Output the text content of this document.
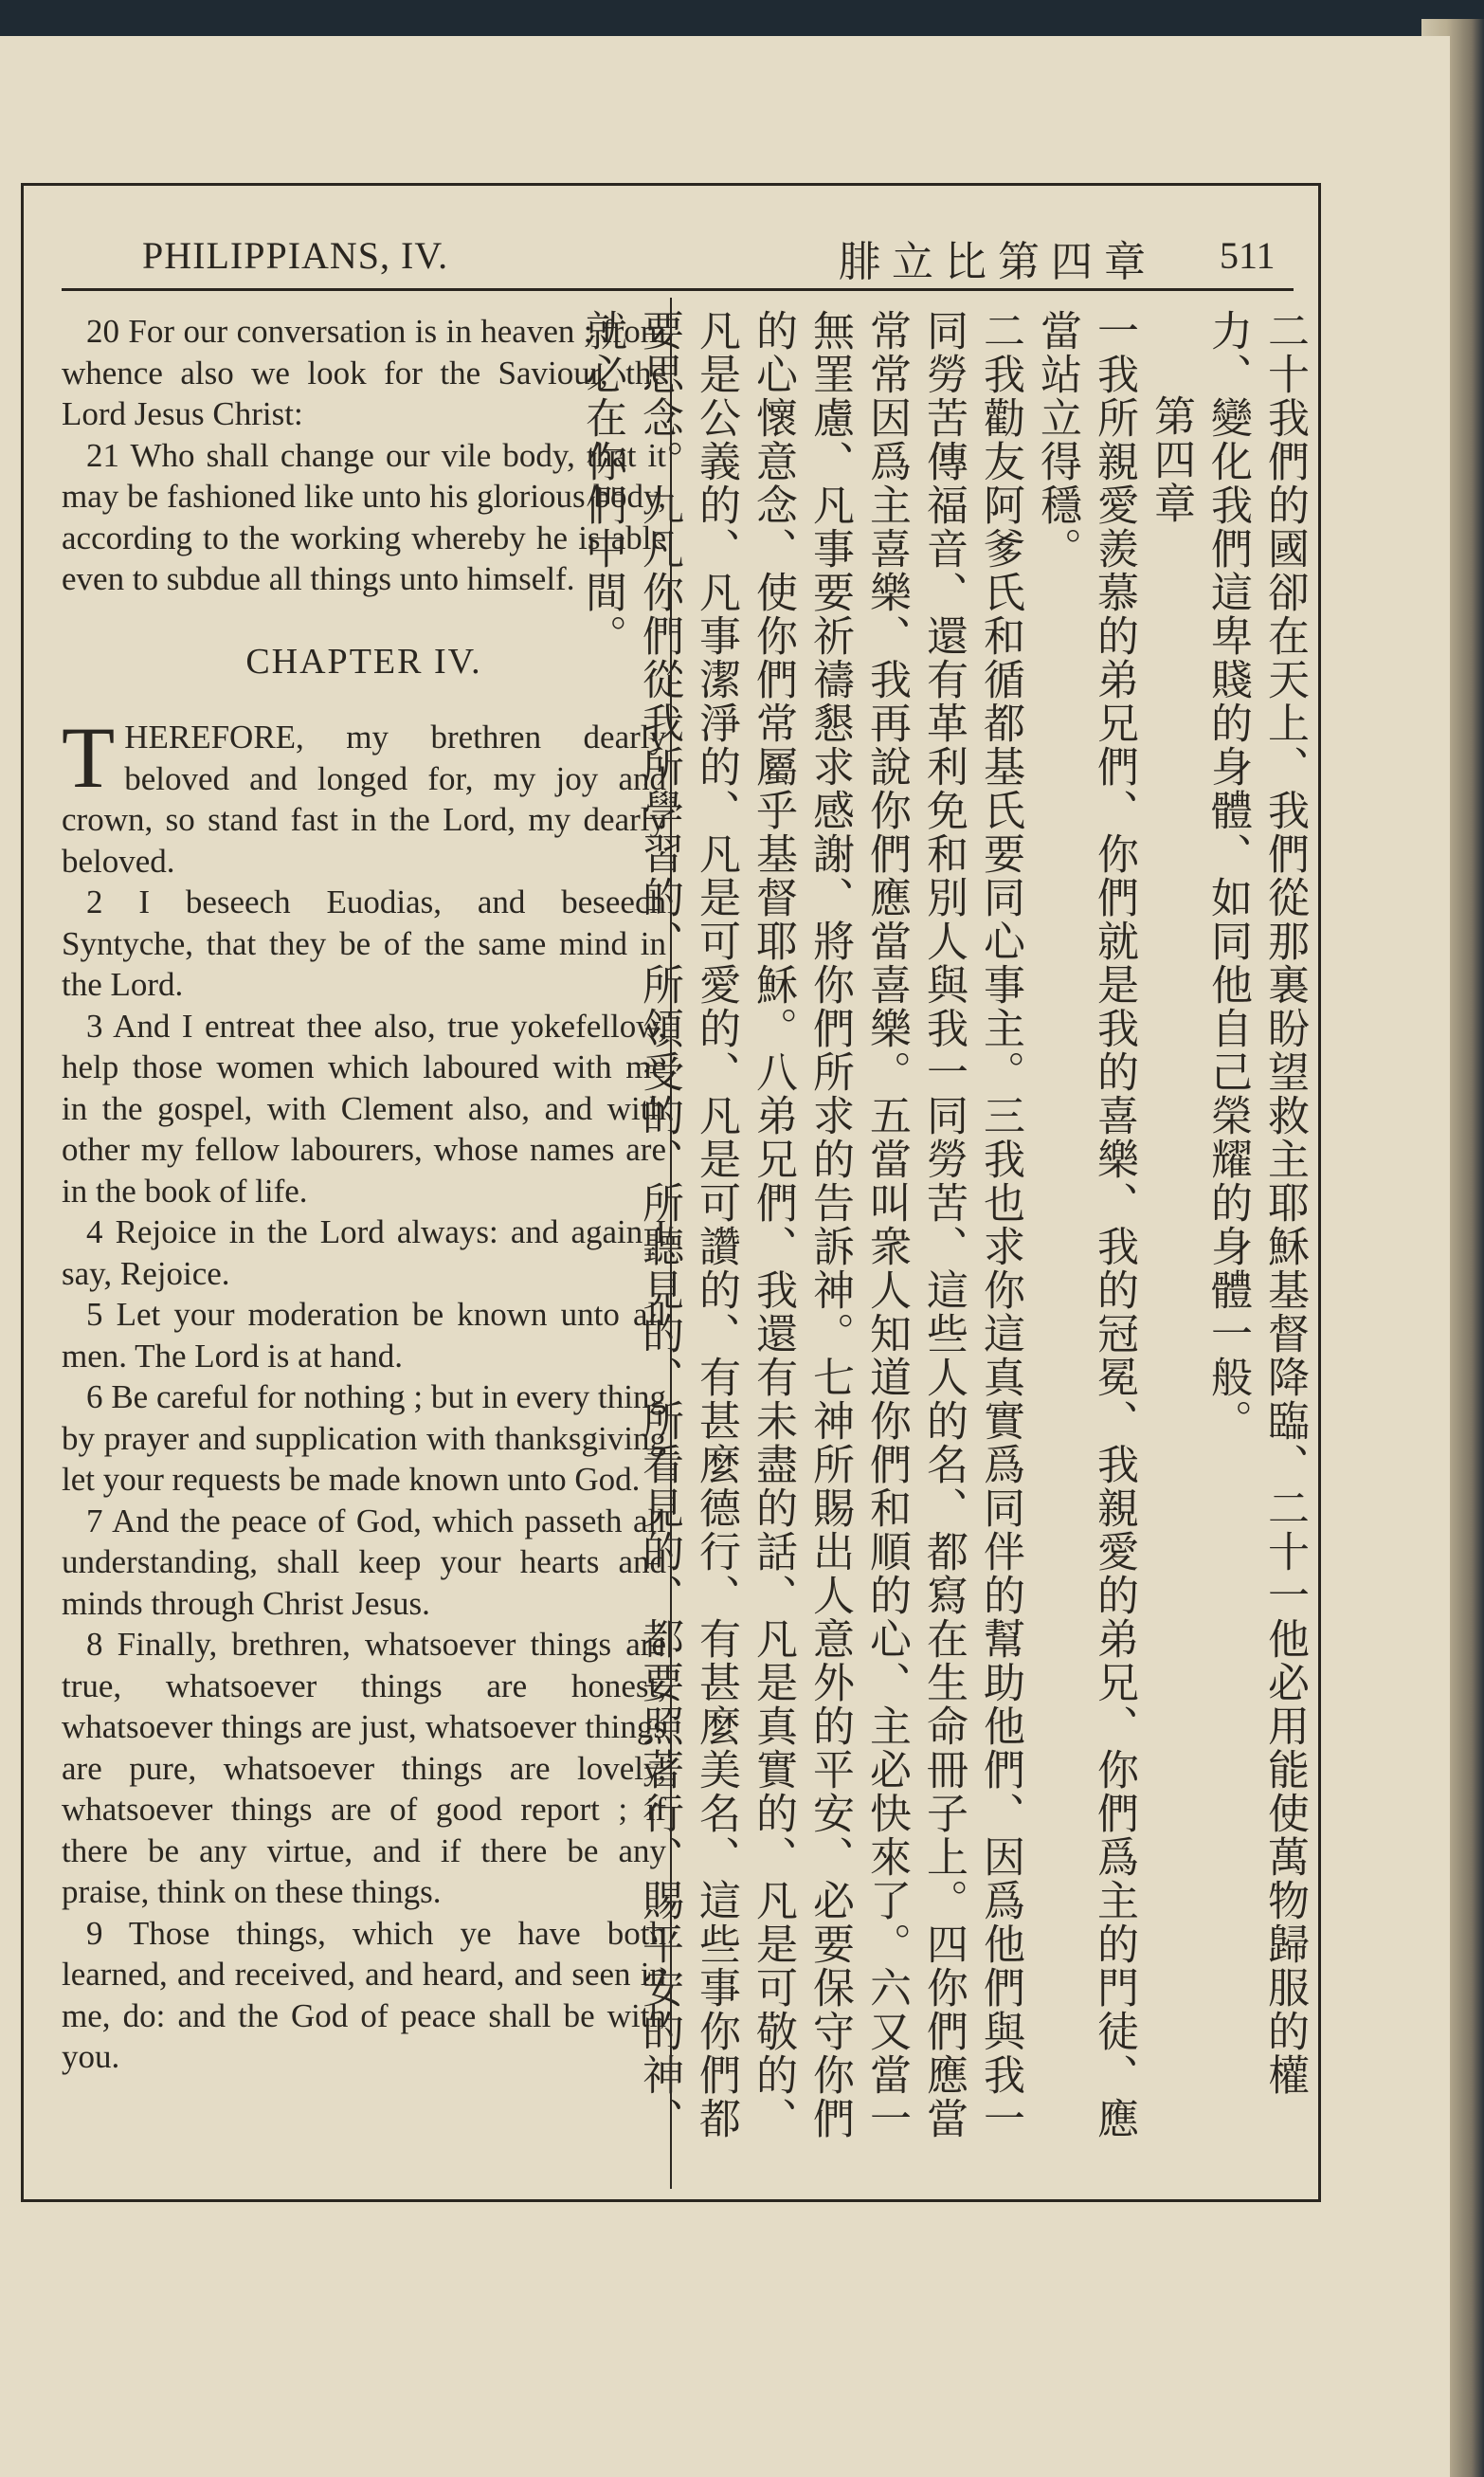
PHILIPPIANS, IV.	腓立比第四章 511

20 For our conversation is in heaven ; from whence also we look for the Saviour, the Lord Jesus Christ:

21 Who shall change our vile body, that it may be fashioned like unto his glorious body, according to the working whereby he is able even to subdue all things unto himself.

CHAPTER IV.

THEREFORE, my brethren dearly beloved and longed for, my joy and crown, so stand fast in the Lord, my dearly beloved.

2 I beseech Euodias, and beseech Syntyche, that they be of the same mind in the Lord.

3 And I entreat thee also, true yokefellow, help those women which laboured with me in the gospel, with Clement also, and with other my fellow labourers, whose names are in the book of life.

4 Rejoice in the Lord always: and again I say, Rejoice.

5 Let your moderation be known unto all men. The Lord is at hand.

6 Be careful for nothing ; but in every thing by prayer and supplication with thanksgiving let your requests be made known unto God.

7 And the peace of God, which passeth all understanding, shall keep your hearts and minds through Christ Jesus.

8 Finally, brethren, whatsoever things are true, whatsoever things are honest, whatsoever things are just, whatsoever things are pure, whatsoever things are lovely, whatsoever things are of good report ; if there be any virtue, and if there be any praise, think on these things.

9 Those things, which ye have both learned, and received, and heard, and seen in me, do: and the God of peace shall be with you.	二十我們的國卻在天上、我們從那裏盼望救主耶穌基督降臨、二十一他必用能使萬物歸服的權力、變化我們這卑賤的身體、如同他自己榮耀的身體一般。

第四章

一我所親愛羨慕的弟兄們、你們就是我的喜樂、我的冠冕、我親愛的弟兄、你們爲主的門徒、應當站立得穩。

二我勸友阿爹氏和循都基氏要同心事主。三我也求你這真實爲同伴的幫助他們、因爲他們與我一同勞苦傳福音、還有革利免和別人與我一同勞苦、這些人的名、都寫在生命冊子上。四你們應當常常因爲主喜樂、我再說你們應當喜樂。五當叫衆人知道你們和順的心、主必快來了。六又當一無罣慮、凡事要祈禱懇求感謝、將你們所求的告訴神。七神所賜出人意外的平安、必要保守你們的心懷意念、使你們常屬乎基督耶穌。八弟兄們、我還有未盡的話、凡是真實的、凡是可敬的、凡是公義的、凡事潔淨的、凡是可愛的、凡是可讚的、有甚麼德行、有甚麼美名、這些事你們都要思念。九凡你們從我所學習的、所領受的、所聽見的、所看見的、都要照著行、賜平安的神、就必在你們中間。
